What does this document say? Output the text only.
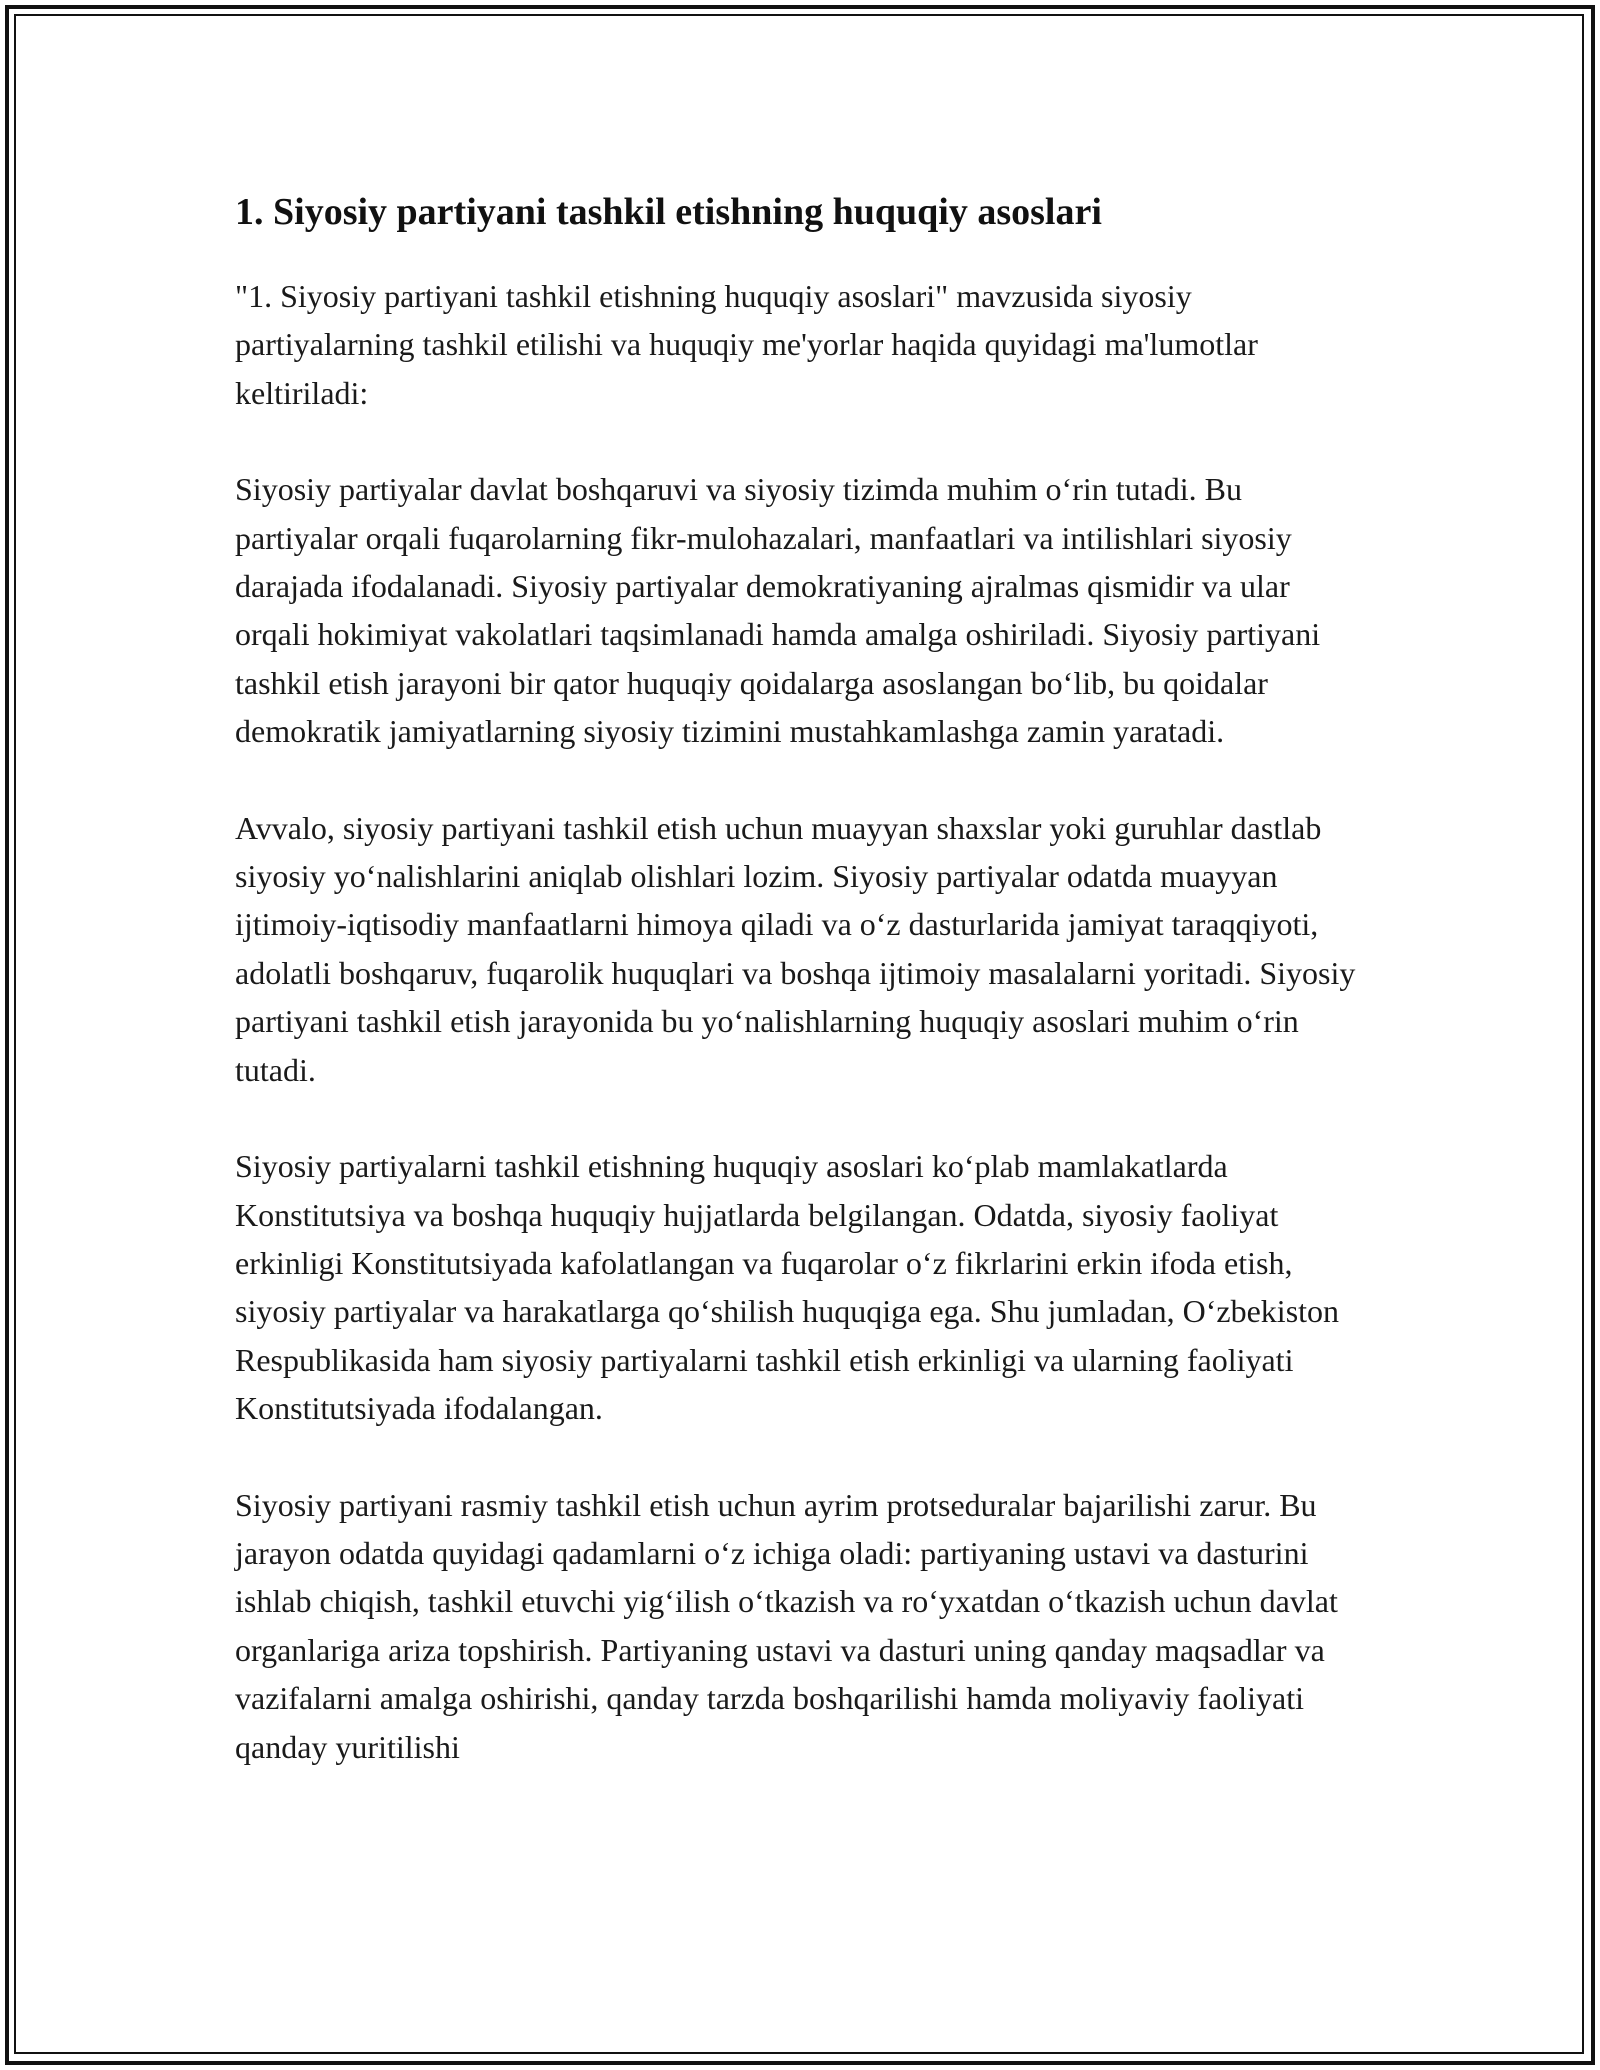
1. Siyosiy partiyani tashkil etishning huquqiy asoslari

"1. Siyosiy partiyani tashkil etishning huquqiy asoslari" mavzusida siyosiy partiyalarning tashkil etilishi va huquqiy me'yorlar haqida quyidagi ma'lumotlar keltiriladi:

Siyosiy partiyalar davlat boshqaruvi va siyosiy tizimda muhim o‘rin tutadi. Bu partiyalar orqali fuqarolarning fikr-mulohazalari, manfaatlari va intilishlari siyosiy darajada ifodalanadi. Siyosiy partiyalar demokratiyaning ajralmas qismidir va ular orqali hokimiyat vakolatlari taqsimlanadi hamda amalga oshiriladi. Siyosiy partiyani tashkil etish jarayoni bir qator huquqiy qoidalarga asoslangan bo‘lib, bu qoidalar demokratik jamiyatlarning siyosiy tizimini mustahkamlashga zamin yaratadi.

Avvalo, siyosiy partiyani tashkil etish uchun muayyan shaxslar yoki guruhlar dastlab siyosiy yo‘nalishlarini aniqlab olishlari lozim. Siyosiy partiyalar odatda muayyan ijtimoiy-iqtisodiy manfaatlarni himoya qiladi va o‘z dasturlarida jamiyat taraqqiyoti, adolatli boshqaruv, fuqarolik huquqlari va boshqa ijtimoiy masalalarni yoritadi. Siyosiy partiyani tashkil etish jarayonida bu yo‘nalishlarning huquqiy asoslari muhim o‘rin tutadi.

Siyosiy partiyalarni tashkil etishning huquqiy asoslari ko‘plab mamlakatlarda Konstitutsiya va boshqa huquqiy hujjatlarda belgilangan. Odatda, siyosiy faoliyat erkinligi Konstitutsiyada kafolatlangan va fuqarolar o‘z fikrlarini erkin ifoda etish, siyosiy partiyalar va harakatlarga qo‘shilish huquqiga ega. Shu jumladan, O‘zbekiston Respublikasida ham siyosiy partiyalarni tashkil etish erkinligi va ularning faoliyati Konstitutsiyada ifodalangan.

Siyosiy partiyani rasmiy tashkil etish uchun ayrim protseduralar bajarilishi zarur. Bu jarayon odatda quyidagi qadamlarni o‘z ichiga oladi: partiyaning ustavi va dasturini ishlab chiqish, tashkil etuvchi yig‘ilish o‘tkazish va ro‘yxatdan o‘tkazish uchun davlat organlariga ariza topshirish. Partiyaning ustavi va dasturi uning qanday maqsadlar va vazifalarni amalga oshirishi, qanday tarzda boshqarilishi hamda moliyaviy faoliyati qanday yuritilishi
